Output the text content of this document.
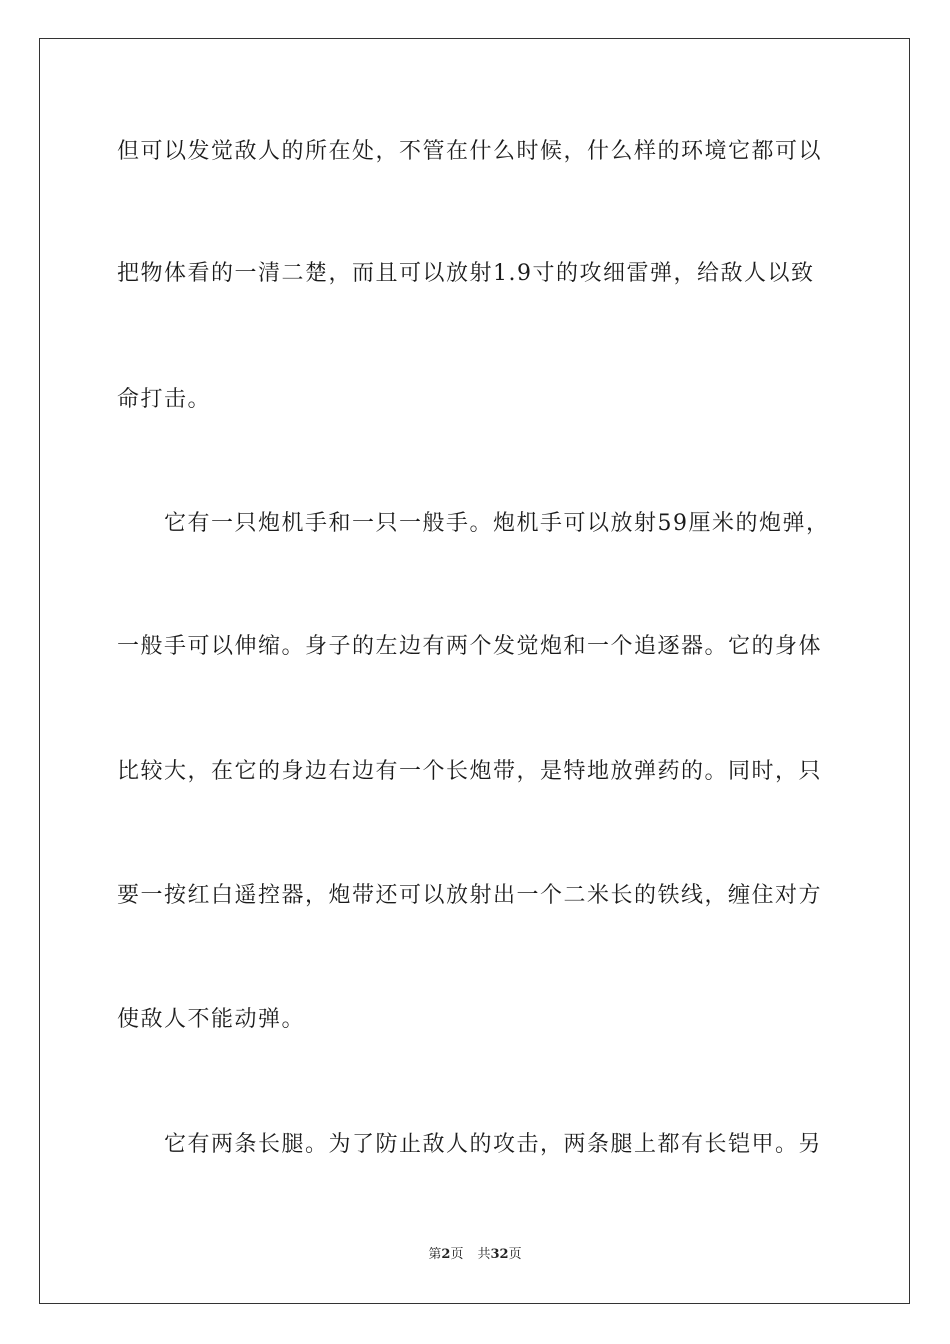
但可以发觉敌人的所在处，不管在什么时候，什么样的环境它都可以
把物体看的一清二楚，而且可以放射1.9寸的攻细雷弹，给敌人以致
命打击。
　　它有一只炮机手和一只一般手。炮机手可以放射59厘米的炮弹，
一般手可以伸缩。身子的左边有两个发觉炮和一个追逐器。它的身体
比较大，在它的身边右边有一个长炮带，是特地放弹药的。同时，只
要一按红白遥控器，炮带还可以放射出一个二米长的铁线，缠住对方
使敌人不能动弹。
　　它有两条长腿。为了防止敌人的攻击，两条腿上都有长铠甲。另
第2页 共32页
